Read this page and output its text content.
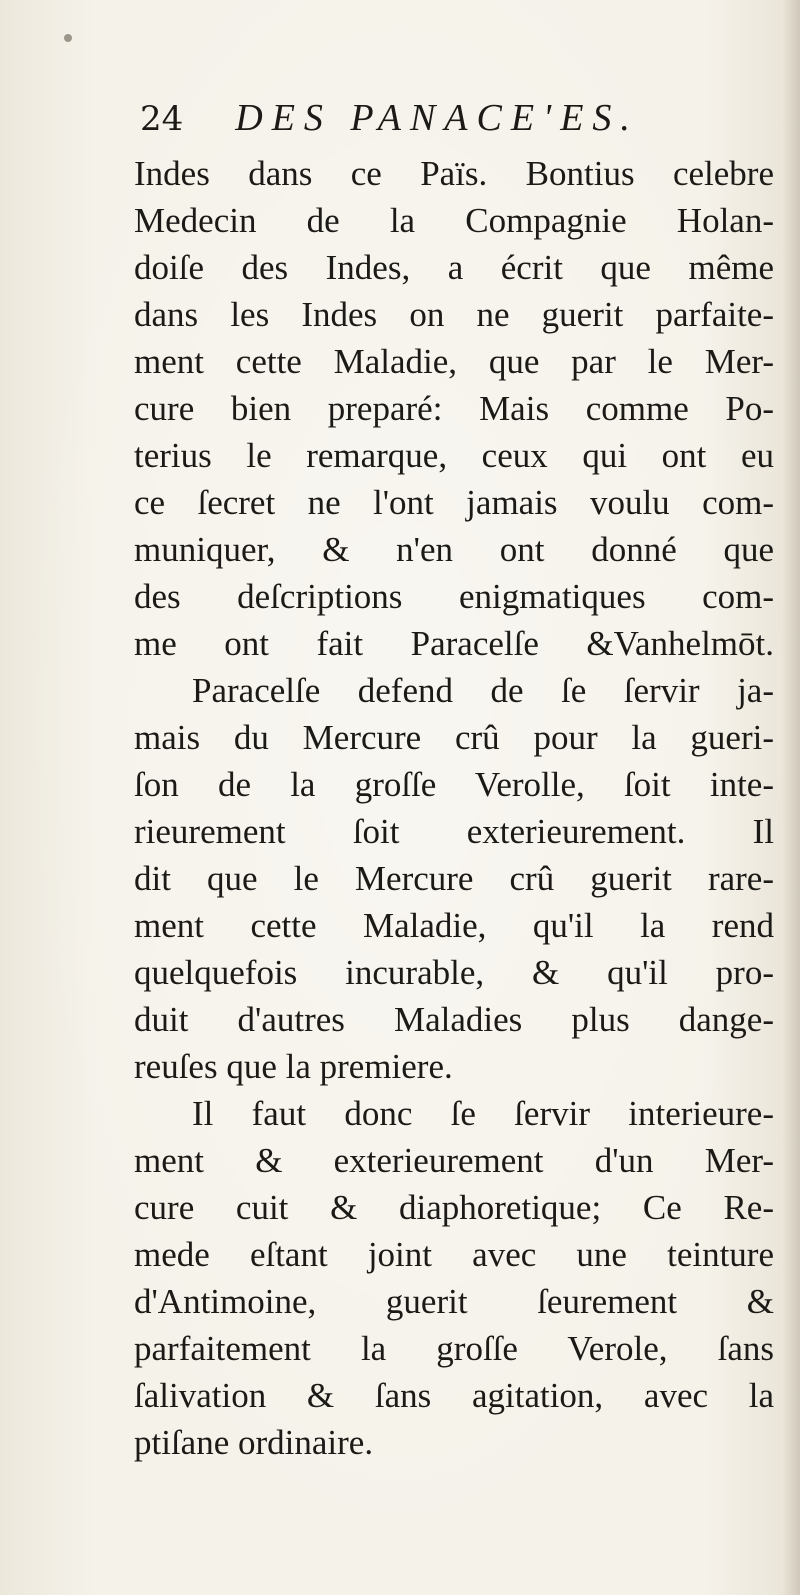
24 DES PANACE'ES.
Indes dans ce Païs. Bontius celebre
Medecin de la Compagnie Holan-
doiſe des Indes, a écrit que même
dans les Indes on ne guerit parfaite-
ment cette Maladie, que par le Mer-
cure bien preparé: Mais comme Po-
terius le remarque, ceux qui ont eu
ce ſecret ne l'ont jamais voulu com-
muniquer, & n'en ont donné que
des deſcriptions enigmatiques com-
me ont fait Paracelſe &Vanhelmōt.
Paracelſe defend de ſe ſervir ja-
mais du Mercure crû pour la gueri-
ſon de la groſſe Verolle, ſoit inte-
rieurement ſoit exterieurement. Il
dit que le Mercure crû guerit rare-
ment cette Maladie, qu'il la rend
quelquefois incurable, & qu'il pro-
duit d'autres Maladies plus dange-
reuſes que la premiere.
Il faut donc ſe ſervir interieure-
ment & exterieurement d'un Mer-
cure cuit & diaphoretique; Ce Re-
mede eſtant joint avec une teinture
d'Antimoine, guerit ſeurement &
parfaitement la groſſe Verole, ſans
ſalivation & ſans agitation, avec la
ptiſane ordinaire.
